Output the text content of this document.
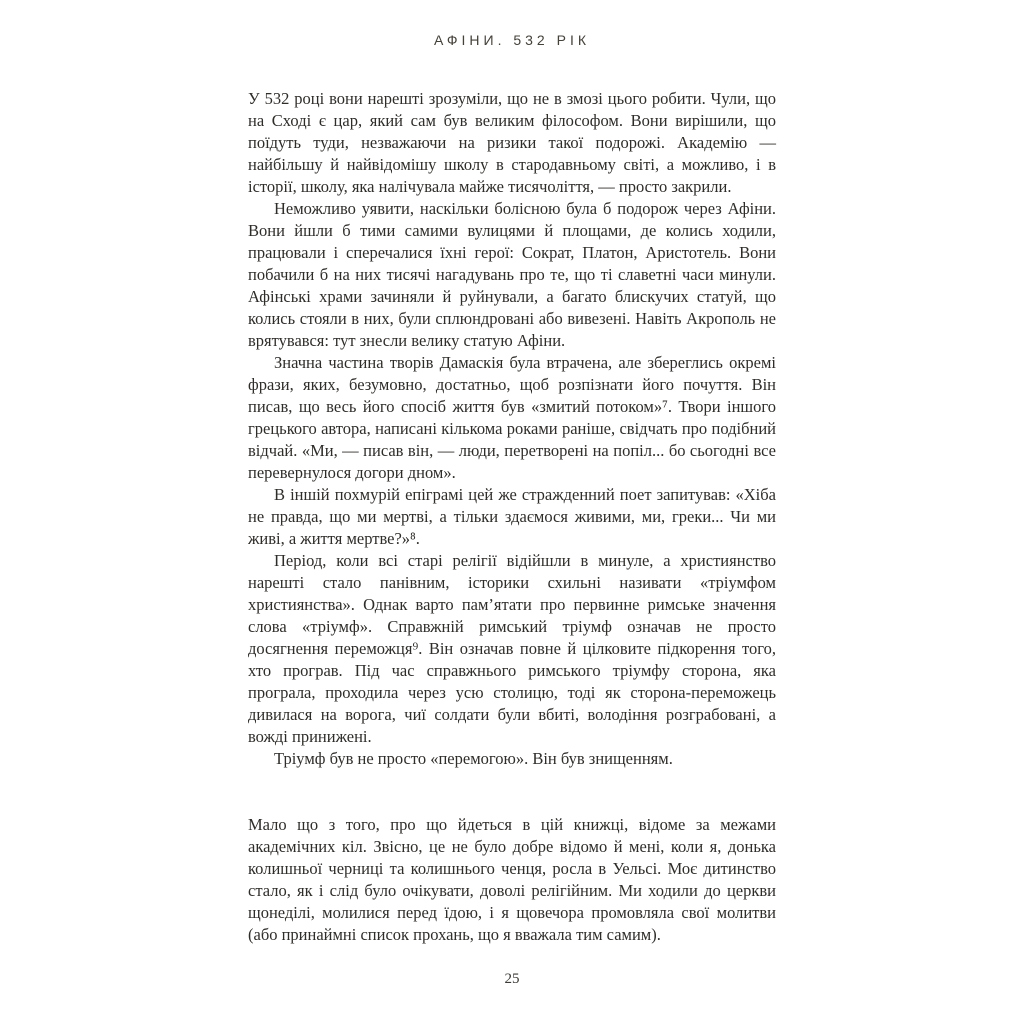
АФІНИ. 532 РІК

У 532 році вони нарешті зрозуміли, що не в змозі цього робити. Чули, що на Сході є цар, який сам був великим філософом. Вони вирішили, що поїдуть туди, незважаючи на ризики такої подорожі. Академію — найбільшу й найвідомішу школу в стародавньому світі, а можливо, і в історії, школу, яка налічувала майже тисячоліття, — просто закрили.

Неможливо уявити, наскільки болісною була б подорож через Афіни. Вони йшли б тими самими вулицями й площами, де колись ходили, працювали і сперечалися їхні герої: Сократ, Платон, Аристотель. Вони побачили б на них тисячі нагадувань про те, що ті славетні часи минули. Афінські храми зачиняли й руйнували, а багато блискучих статуй, що колись стояли в них, були сплюндровані або вивезені. Навіть Акрополь не врятувався: тут знесли велику статую Афіни.

Значна частина творів Дамаскія була втрачена, але збереглись окремі фрази, яких, безумовно, достатньо, щоб розпізнати його почуття. Він писав, що весь його спосіб життя був «змитий потоком»⁷. Твори іншого грецького автора, написані кількома роками раніше, свідчать про подібний відчай. «Ми, — писав він, — люди, перетворені на попіл... бо сьогодні все перевернулося догори дном».

В іншій похмурій епіграмі цей же стражденний поет запитував: «Хіба не правда, що ми мертві, а тільки здаємося живими, ми, греки... Чи ми живі, а життя мертве?»⁸.

Період, коли всі старі релігії відійшли в минуле, а християнство нарешті стало панівним, історики схильні називати «тріумфом християнства». Однак варто пам’ятати про первинне римське значення слова «тріумф». Справжній римський тріумф означав не просто досягнення переможця⁹. Він означав повне й цілковите підкорення того, хто програв. Під час справжнього римського тріумфу сторона, яка програла, проходила через усю столицю, тоді як сторона-переможець дивилася на ворога, чиї солдати були вбиті, володіння розграбовані, а вожді принижені.

Тріумф був не просто «перемогою». Він був знищенням.

Мало що з того, про що йдеться в цій книжці, відоме за межами академічних кіл. Звісно, це не було добре відомо й мені, коли я, донька колишньої черниці та колишнього ченця, росла в Уельсі. Моє дитинство стало, як і слід було очікувати, доволі релігійним. Ми ходили до церкви щонеділі, молилися перед їдою, і я щовечора промовляла свої молитви (або принаймні список прохань, що я вважала тим самим).

25
